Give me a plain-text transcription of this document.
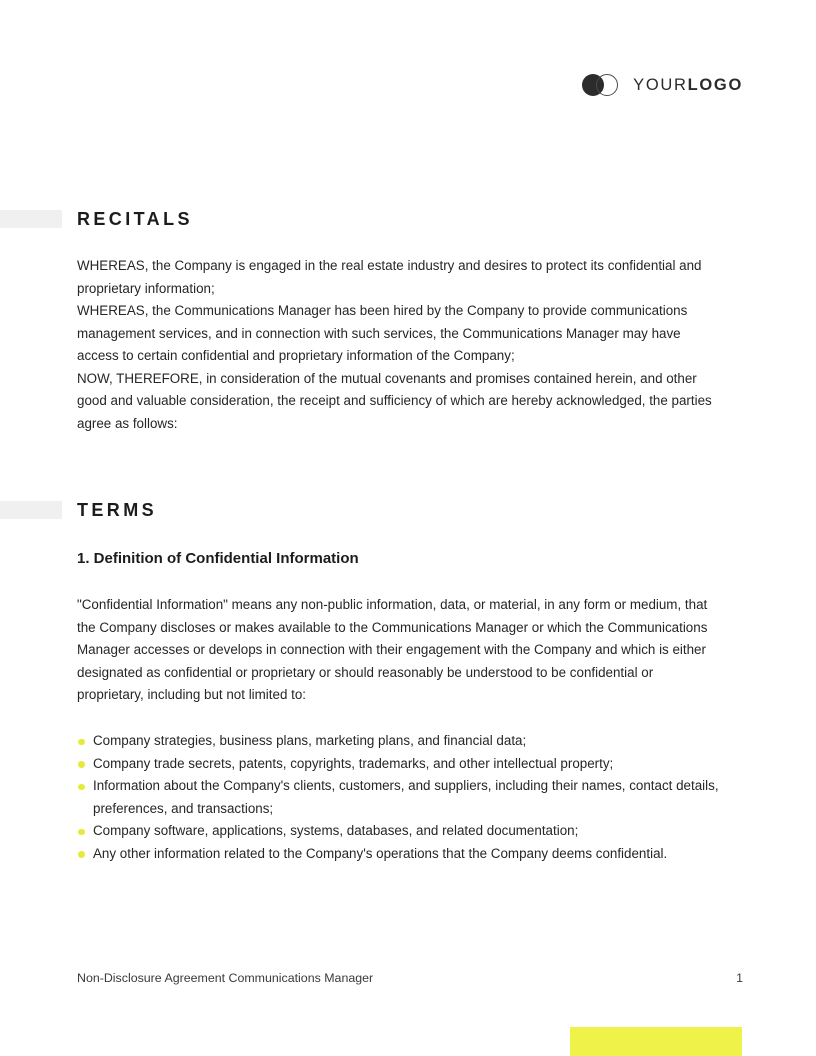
YOURLOGO
RECITALS

WHEREAS, the Company is engaged in the real estate industry and desires to protect its confidential and proprietary information;

WHEREAS, the Communications Manager has been hired by the Company to provide communications management services, and in connection with such services, the Communications Manager may have access to certain confidential and proprietary information of the Company;

NOW, THEREFORE, in consideration of the mutual covenants and promises contained herein, and other good and valuable consideration, the receipt and sufficiency of which are hereby acknowledged, the parties agree as follows:

TERMS
1. Definition of Confidential Information

"Confidential Information" means any non-public information, data, or material, in any form or medium, that the Company discloses or makes available to the Communications Manager or which the Communications Manager accesses or develops in connection with their engagement with the Company and which is either designated as confidential or proprietary or should reasonably be understood to be confidential or proprietary, including but not limited to:

Company strategies, business plans, marketing plans, and financial data;
Company trade secrets, patents, copyrights, trademarks, and other intellectual property;
Information about the Company's clients, customers, and suppliers, including their names, contact details, preferences, and transactions;
Company software, applications, systems, databases, and related documentation;
Any other information related to the Company's operations that the Company deems confidential.
Non-Disclosure Agreement Communications Manager	1
